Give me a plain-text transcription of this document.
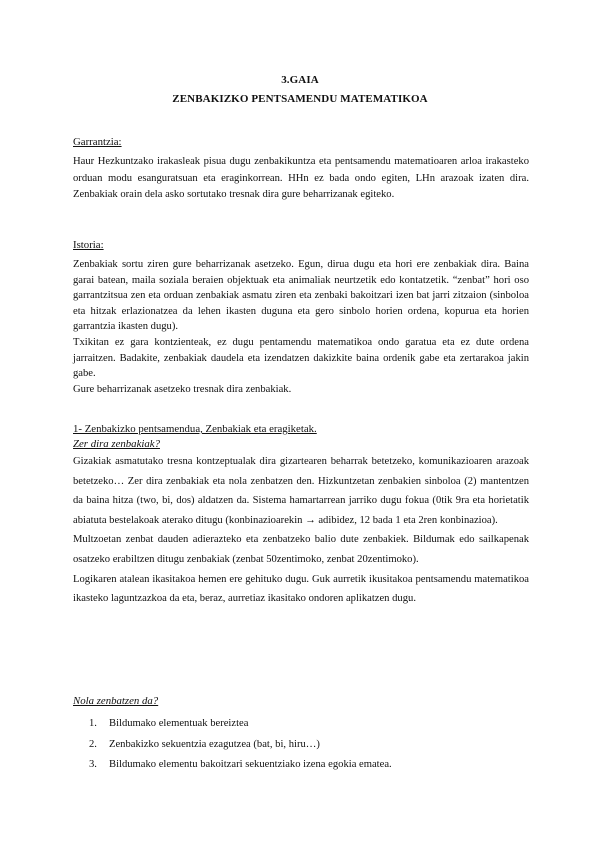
3.GAIA
ZENBAKIZKO PENTSAMENDU MATEMATIKOA
Garrantzia:

Haur Hezkuntzako irakasleak pisua dugu zenbakikuntza eta pentsamendu matematioaren arloa irakasteko orduan modu esanguratsuan eta eraginkorrean. HHn ez bada ondo egiten, LHn arazoak izaten dira. Zenbakiak orain dela asko sortutako tresnak dira gure beharrizanak egiteko.

Istoria:

Zenbakiak sortu ziren gure beharrizanak asetzeko. Egun, dirua dugu eta hori ere zenbakiak dira. Baina garai batean, maila soziala beraien objektuak eta animaliak neurtzetik edo kontatzetik. “zenbat” hori oso garrantzitsua zen eta orduan zenbakiak asmatu ziren eta zenbaki bakoitzari izen bat jarri zitzaion (sinboloa eta hitzak erlazionatzea da lehen ikasten duguna eta gero sinbolo horien ordena, kopurua eta horien garrantzia ikasten dugu).

Txikitan ez gara kontzienteak, ez dugu pentamendu matematikoa ondo garatua eta ez dute ordena jarraitzen. Badakite, zenbakiak daudela eta izendatzen dakizkite baina ordenik gabe eta zertarakoa jakin gabe.

Gure beharrizanak asetzeko tresnak dira zenbakiak.

1- Zenbakizko pentsamendua, Zenbakiak eta eragiketak.
Zer dira zenbakiak?

Gizakiak asmatutako tresna kontzeptualak dira gizartearen beharrak betetzeko, komunikazioaren arazoak betetzeko… Zer dira zenbakiak eta nola zenbatzen den. Hizkuntzetan zenbakien sinboloa (2) mantentzen da baina hitza (two, bi, dos) aldatzen da. Sistema hamartarrean jarriko dugu fokua (0tik 9ra eta horietatik abiatuta bestelakoak aterako ditugu (konbinazioarekin → adibidez, 12 bada 1 eta 2ren konbinazioa).

Multzoetan zenbat dauden adierazteko eta zenbatzeko balio dute zenbakiek. Bildumak edo sailkapenak osatzeko erabiltzen ditugu zenbakiak (zenbat 50zentimoko, zenbat 20zentimoko).

Logikaren atalean ikasitakoa hemen ere gehituko dugu. Guk aurretik ikusitakoa pentsamendu matematikoa ikasteko laguntzazkoa da eta, beraz, aurretiaz ikasitako ondoren aplikatzen dugu.

Nola zenbatzen da?
1. Bildumako elementuak bereiztea
2. Zenbakizko sekuentzia ezagutzea (bat, bi, hiru…)
3. Bildumako elementu bakoitzari sekuentziako izena egokia ematea.
